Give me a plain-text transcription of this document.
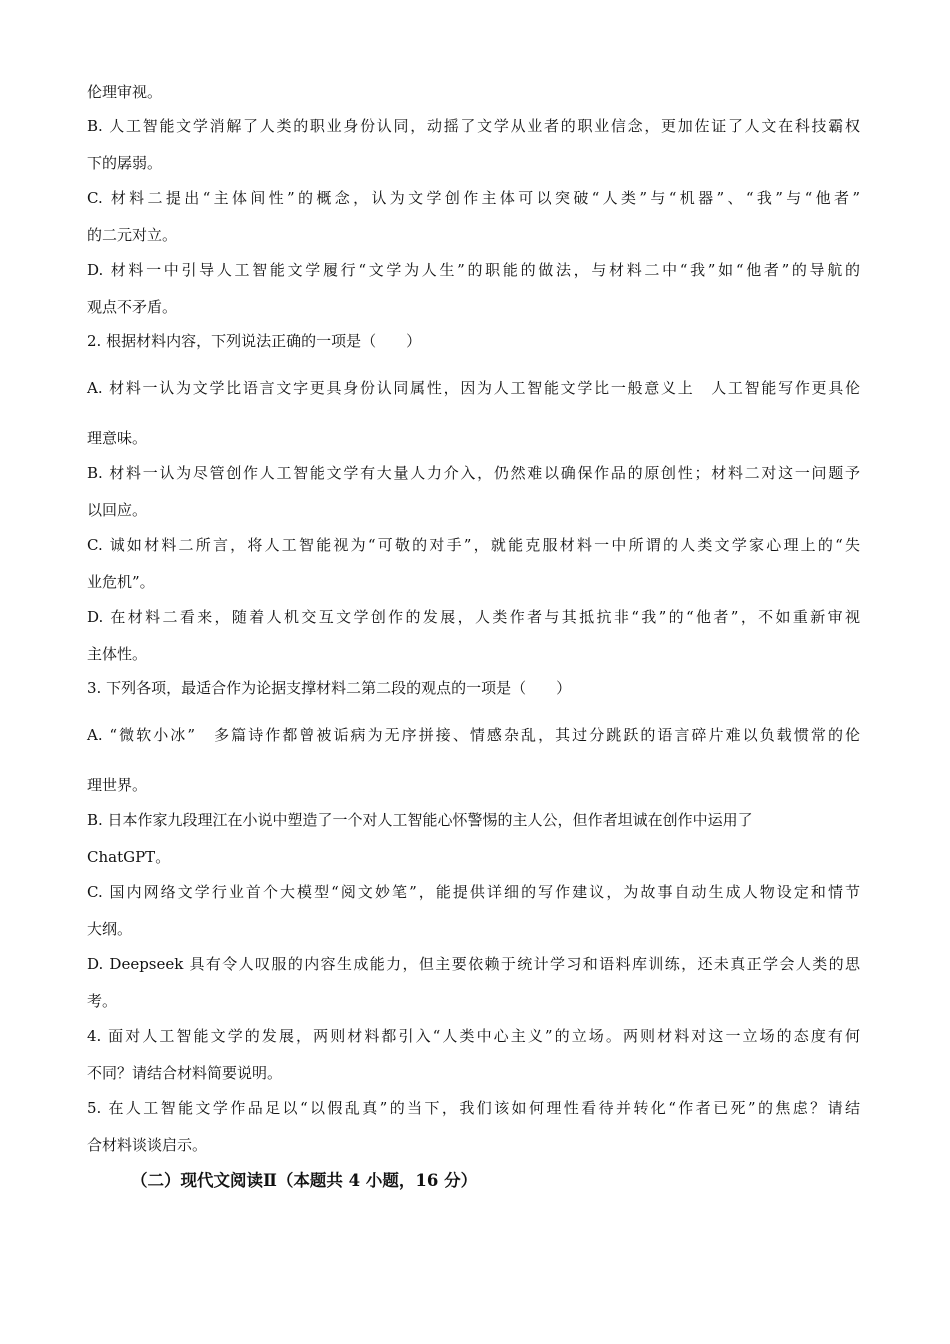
伦理审视。
B. 人工智能文学消解了人类的职业身份认同，动摇了文学从业者的职业信念，更加佐证了人文在科技霸权
下的孱弱。
C. 材料二提出“主体间性”的概念，认为文学创作主体可以突破“人类”与“机器”、“我”与“他者”
的二元对立。
D. 材料一中引导人工智能文学履行“文学为人生”的职能的做法，与材料二中“我”如“他者”的导航的
观点不矛盾。
2. 根据材料内容，下列说法正确的一项是（　　）
A. 材料一认为文学比语言文字更具身份认同属性，因为人工智能文学比一般意义上　人工智能写作更具伦
理意味。
B. 材料一认为尽管创作人工智能文学有大量人力介入，仍然难以确保作品的原创性；材料二对这一问题予
以回应。
C. 诚如材料二所言，将人工智能视为“可敬的对手”，就能克服材料一中所谓的人类文学家心理上的“失
业危机”。
D. 在材料二看来，随着人机交互文学创作的发展，人类作者与其抵抗非“我”的“他者”，不如重新审视
主体性。
3. 下列各项，最适合作为论据支撑材料二第二段的观点的一项是（　　）
A. “微软小冰”　多篇诗作都曾被诟病为无序拼接、情感杂乱，其过分跳跃的语言碎片难以负载惯常的伦
理世界。
B. 日本作家九段理江在小说中塑造了一个对人工智能心怀警惕的主人公，但作者坦诚在创作中运用了
ChatGPT。
C. 国内网络文学行业首个大模型“阅文妙笔”，能提供详细的写作建议，为故事自动生成人物设定和情节
大纲。
D. Deepseek 具有令人叹服的内容生成能力，但主要依赖于统计学习和语料库训练，还未真正学会人类的思
考。
4. 面对人工智能文学的发展，两则材料都引入“人类中心主义”的立场。两则材料对这一立场的态度有何
不同？请结合材料简要说明。
5. 在人工智能文学作品足以“以假乱真”的当下，我们该如何理性看待并转化“作者已死”的焦虑？请结
合材料谈谈启示。
（二）现代文阅读Ⅱ（本题共 4 小题，16 分）
